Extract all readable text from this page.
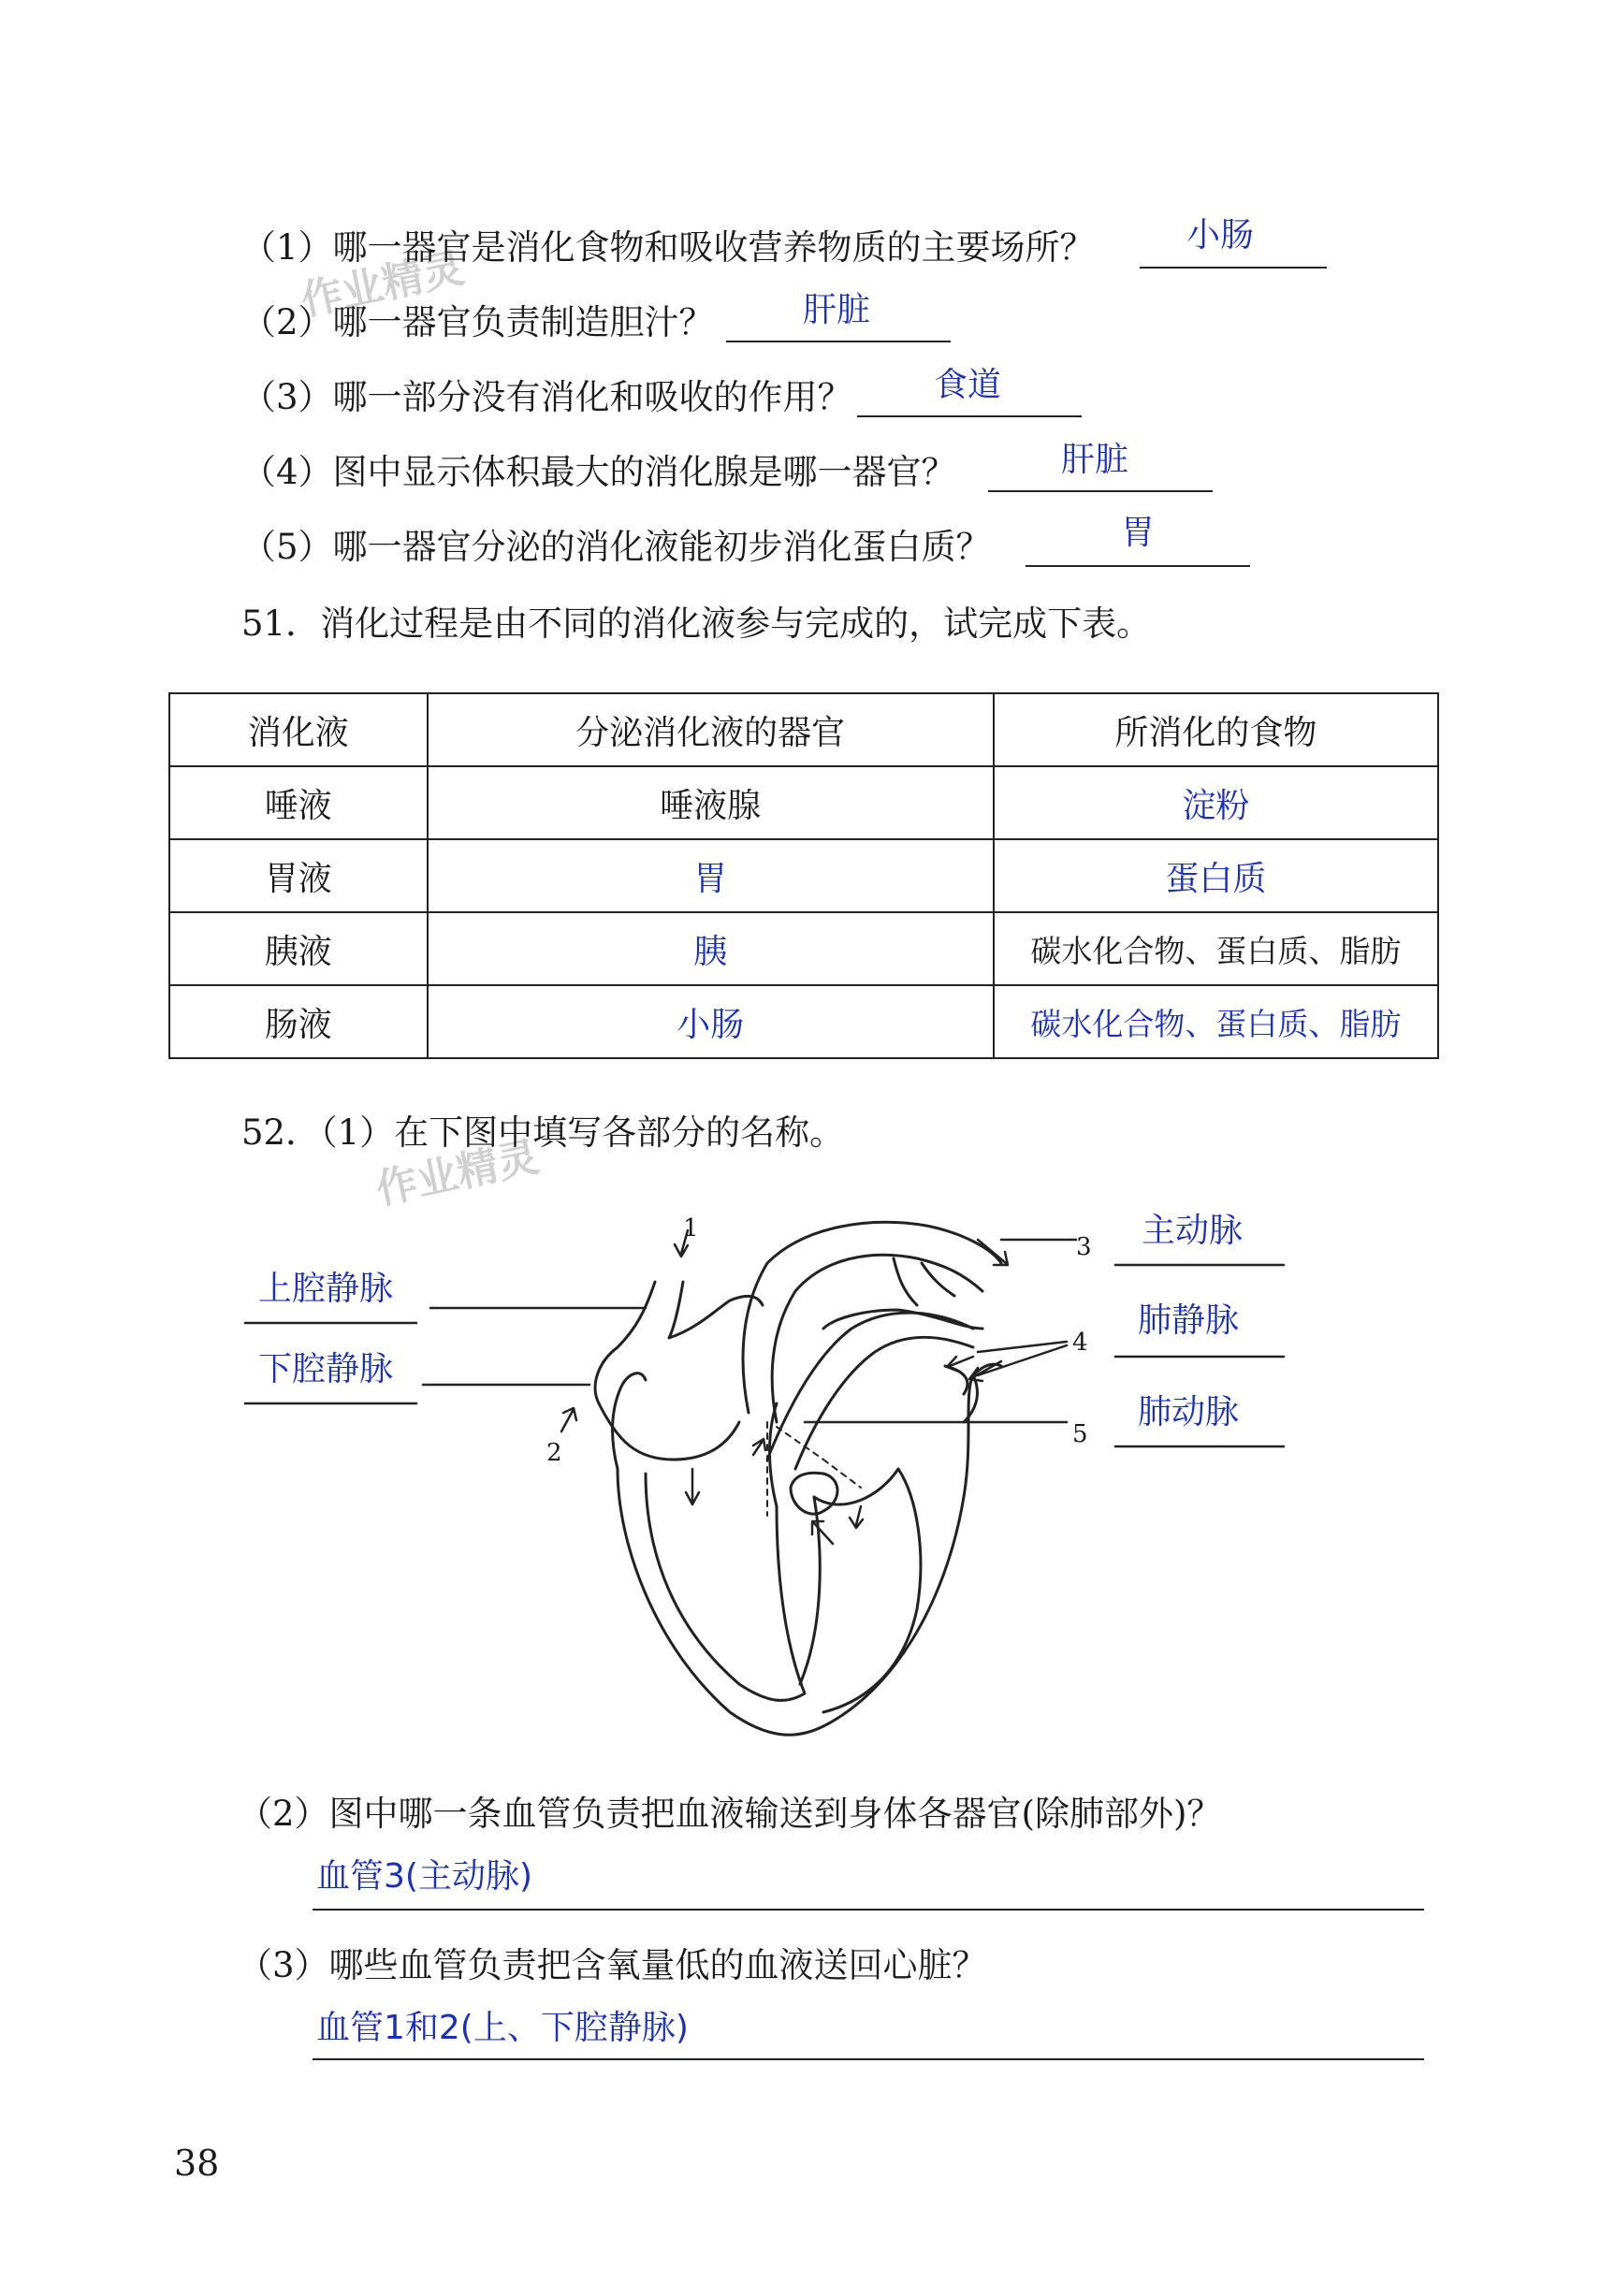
作业精灵
作业精灵
（1）哪一器官是消化食物和吸收营养物质的主要场所？	小肠
（2）哪一器官负责制造胆汁？	肝脏
（3）哪一部分没有消化和吸收的作用？ 食道
（4）图中显示体积最大的消化腺是哪一器官？	肝脏
（5）哪一器官分泌的消化液能初步消化蛋白质？	胃
51．消化过程是由不同的消化液参与完成的，试完成下表。
消化液	分泌消化液的器官	所消化的食物
唾液	唾液腺	淀粉
胃液	胃	蛋白质
胰液	胰	碳水化合物、蛋白质、脂肪
肠液	小肠	碳水化合物、蛋白质、脂肪
52．（1）在下图中填写各部分的名称。
1
2
3
4
5
上腔静脉
下腔静脉
主动脉
肺静脉
肺动脉
（2）图中哪一条血管负责把血液输送到身体各器官(除肺部外)？
血管3(主动脉)
（3）哪些血管负责把含氧量低的血液送回心脏？
血管1和2(上、下腔静脉)
38
